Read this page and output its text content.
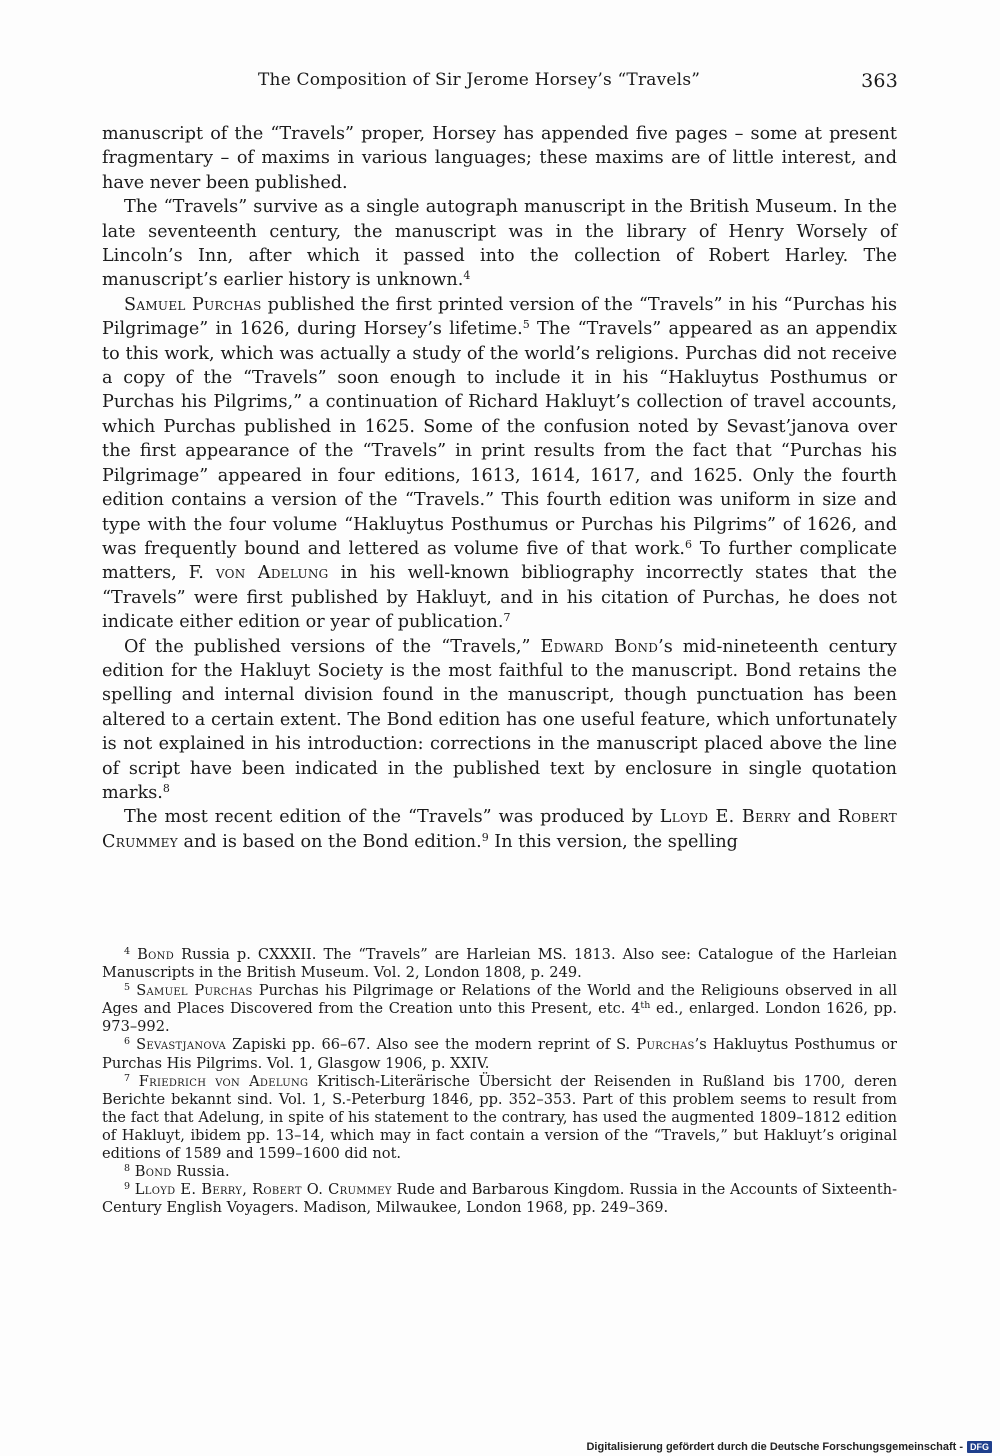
The Composition of Sir Jerome Horsey’s “Travels”	363

manuscript of the “Travels” proper, Horsey has appended five pages – some at present fragmentary – of maxims in various languages; these maxims are of little interest, and have never been published.

The “Travels” survive as a single autograph manuscript in the British Museum. In the late seventeenth century, the manuscript was in the library of Henry Worsely of Lincoln’s Inn, after which it passed into the collection of Robert Harley. The manuscript’s earlier history is unknown.$^4$

Samuel Purchas published the first printed version of the “Travels” in his “Purchas his Pilgrimage” in 1626, during Horsey’s lifetime.$^5$ The “Travels” appeared as an appendix to this work, which was actually a study of the world’s religions. Purchas did not receive a copy of the “Travels” soon enough to include it in his “Hakluytus Posthumus or Purchas his Pilgrims,” a continuation of Richard Hakluyt’s collection of travel accounts, which Purchas published in 1625. Some of the confusion noted by Sevast’janova over the first appearance of the “Travels” in print results from the fact that “Purchas his Pilgrimage” appeared in four editions, 1613, 1614, 1617, and 1625. Only the fourth edition contains a version of the “Travels.” This fourth edition was uniform in size and type with the four volume “Hakluytus Posthumus or Purchas his Pilgrims” of 1626, and was frequently bound and lettered as volume five of that work.$^6$ To further complicate matters, F. von Adelung in his well-known bibliography incorrectly states that the “Travels” were first published by Hakluyt, and in his citation of Purchas, he does not indicate either edition or year of publication.$^7$

Of the published versions of the “Travels,” Edward Bond’s mid-nineteenth century edition for the Hakluyt Society is the most faithful to the manuscript. Bond retains the spelling and internal division found in the manuscript, though punctuation has been altered to a certain extent. The Bond edition has one useful feature, which unfortunately is not explained in his introduction: corrections in the manuscript placed above the line of script have been indicated in the published text by enclosure in single quotation marks.$^8$

The most recent edition of the “Travels” was produced by Lloyd E. Berry and Robert Crummey and is based on the Bond edition.$^9$ In this version, the spelling

$^4$ Bond Russia p. CXXXII. The “Travels” are Harleian MS. 1813. Also see: Catalogue of the Harleian Manuscripts in the British Museum. Vol. 2, London 1808, p. 249.

$^5$ Samuel Purchas Purchas his Pilgrimage or Relations of the World and the Religiouns observed in all Ages and Places Discovered from the Creation unto this Present, etc. 4th ed., enlarged. London 1626, pp. 973–992.

$^6$ Sevastjanova Zapiski pp. 66–67. Also see the modern reprint of S. Purchas’s Hakluytus Posthumus or Purchas His Pilgrims. Vol. 1, Glasgow 1906, p. XXIV.

$^7$ Friedrich von Adelung Kritisch-Literärische Übersicht der Reisenden in Rußland bis 1700, deren Berichte bekannt sind. Vol. 1, S.-Peterburg 1846, pp. 352–353. Part of this problem seems to result from the fact that Adelung, in spite of his statement to the contrary, has used the augmented 1809–1812 edition of Hakluyt, ibidem pp. 13–14, which may in fact contain a version of the “Travels,” but Hakluyt’s original editions of 1589 and 1599–1600 did not.

$^8$ Bond Russia.

$^9$ Lloyd E. Berry, Robert O. Crummey Rude and Barbarous Kingdom. Russia in the Accounts of Sixteenth-Century English Voyagers. Madison, Milwaukee, London 1968, pp. 249–369.

Digitalisierung gefördert durch die Deutsche Forschungsgemeinschaft - DFG
